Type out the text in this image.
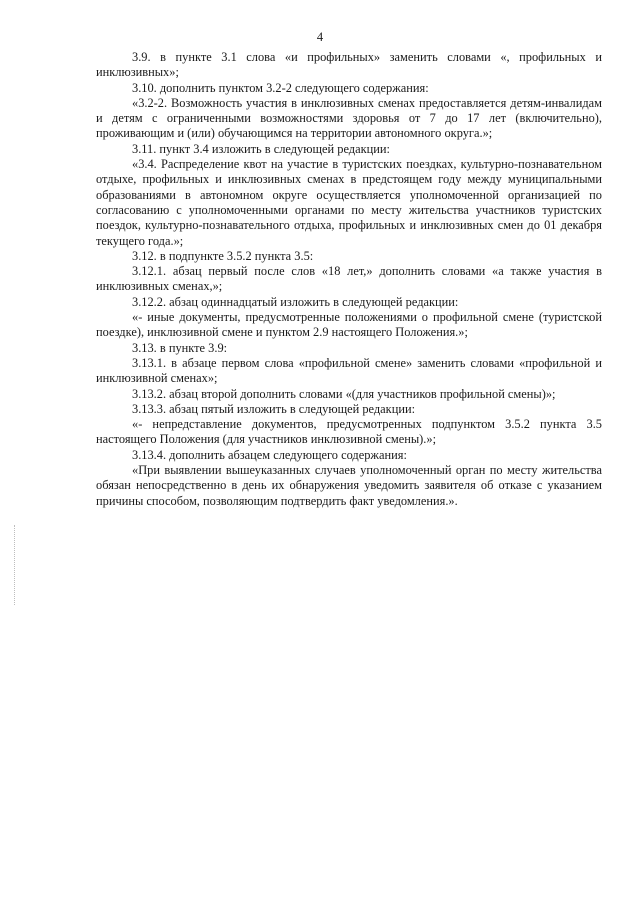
4

3.9. в пункте 3.1 слова «и профильных» заменить словами «, профильных и инклюзивных»;

3.10. дополнить пунктом 3.2-2 следующего содержания:

«3.2-2. Возможность участия в инклюзивных сменах предоставляется детям-инвалидам и детям с ограниченными возможностями здоровья от 7 до 17 лет (включительно), проживающим и (или) обучающимся на территории автономного округа.»;

3.11. пункт 3.4 изложить в следующей редакции:

«3.4. Распределение квот на участие в туристских поездках, культурно-познавательном отдыхе, профильных и инклюзивных сменах в предстоящем году между муниципальными образованиями в автономном округе осуществляется уполномоченной организацией по согласованию с уполномоченными органами по месту жительства участников туристских поездок, культурно-познавательного отдыха, профильных и инклюзивных смен до 01 декабря текущего года.»;

3.12. в подпункте 3.5.2 пункта 3.5:

3.12.1. абзац первый после слов «18 лет,» дополнить словами «а также участия в инклюзивных сменах,»;

3.12.2. абзац одиннадцатый изложить в следующей редакции:

«- иные документы, предусмотренные положениями о профильной смене (туристской поездке), инклюзивной смене и пунктом 2.9 настоящего Положения.»;

3.13. в пункте 3.9:

3.13.1. в абзаце первом слова «профильной смене» заменить словами «профильной и инклюзивной сменах»;

3.13.2. абзац второй дополнить словами «(для участников профильной смены)»;

3.13.3. абзац пятый изложить в следующей редакции:

«- непредставление документов, предусмотренных подпунктом 3.5.2 пункта 3.5 настоящего Положения (для участников инклюзивной смены).»;

3.13.4. дополнить абзацем следующего содержания:

«При выявлении вышеуказанных случаев уполномоченный орган по месту жительства обязан непосредственно в день их обнаружения уведомить заявителя об отказе с указанием причины способом, позволяющим подтвердить факт уведомления.».
